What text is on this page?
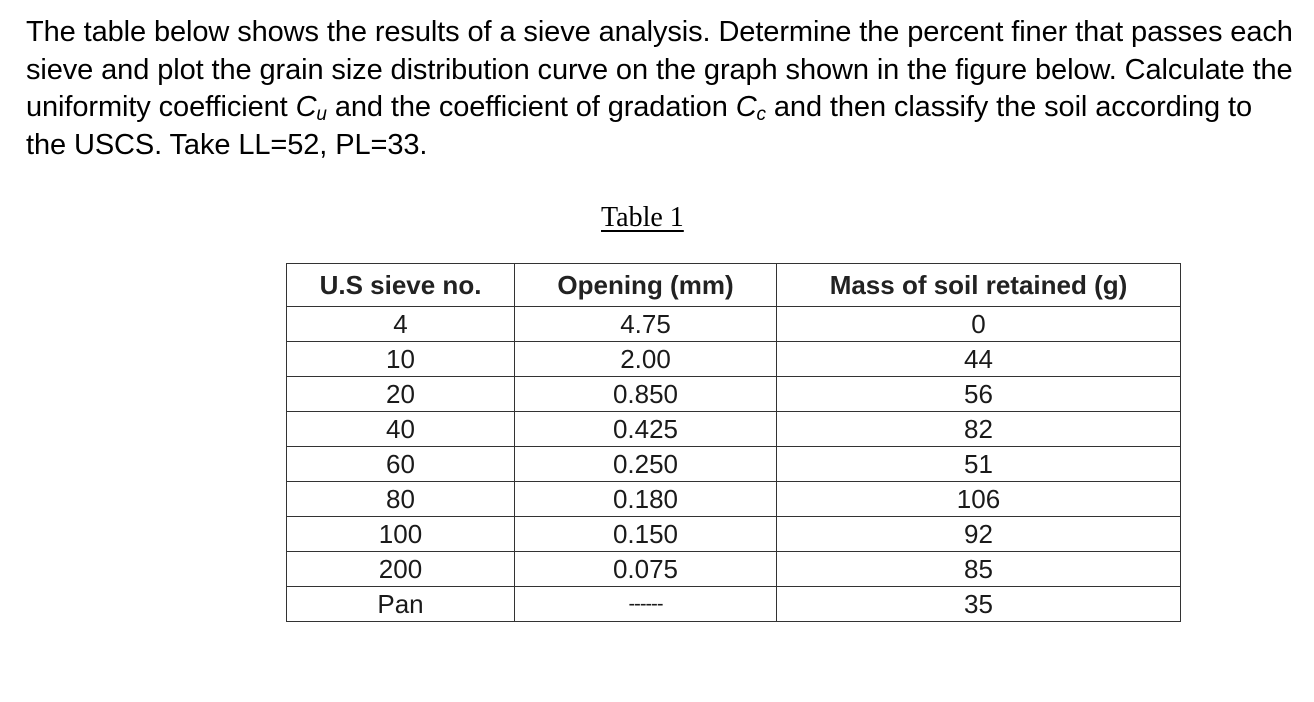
The table below shows the results of a sieve analysis. Determine the percent finer that passes each sieve and plot the grain size distribution curve on the graph shown in the figure below. Calculate the uniformity coefficient $C_u$ and the coefficient of gradation $C_c$ and then classify the soil according to the USCS. Take LL=52, PL=33.

Table 1
U.S sieve no.	Opening (mm)	Mass of soil retained (g)
4	4.75	0
10	2.00	44
20	0.850	56
40	0.425	82
60	0.250	51
80	0.180	106
100	0.150	92
200	0.075	85
Pan	------	35
